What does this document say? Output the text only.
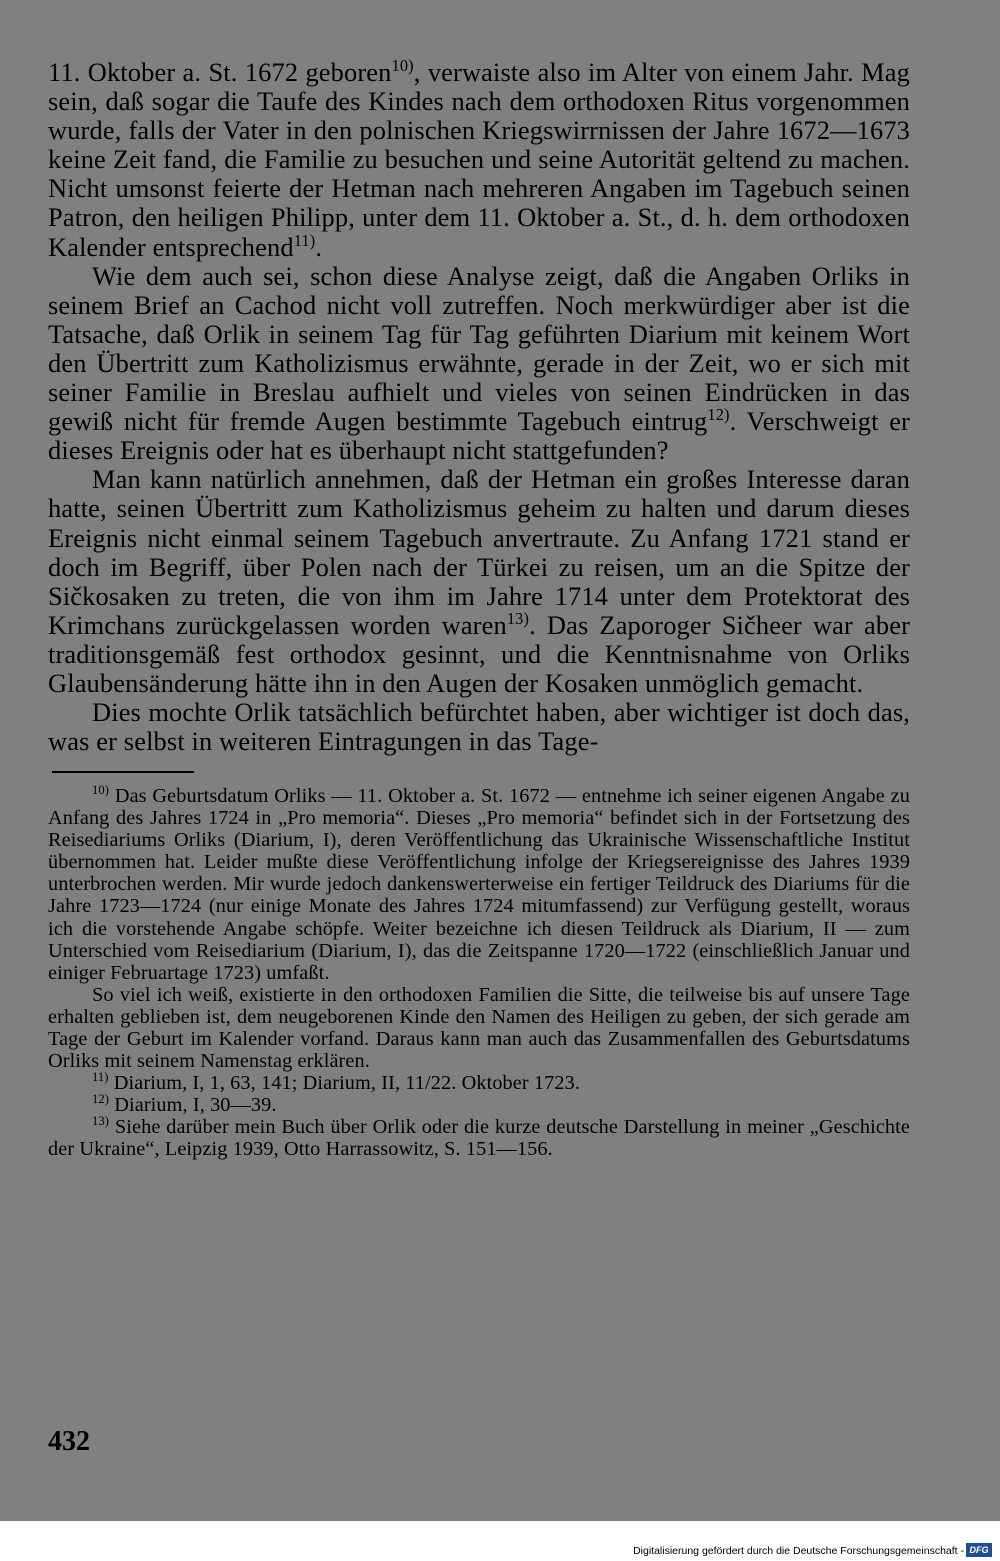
11. Oktober a. St. 1672 geboren$^{10)}$, verwaiste also im Alter von einem Jahr. Mag sein, daß sogar die Taufe des Kindes nach dem orthodoxen Ritus vorgenommen wurde, falls der Vater in den polnischen Kriegswirrnissen der Jahre 1672—1673 keine Zeit fand, die Familie zu besuchen und seine Autorität geltend zu machen. Nicht umsonst feierte der Hetman nach mehreren Angaben im Tagebuch seinen Patron, den heiligen Philipp, unter dem 11. Oktober a. St., d. h. dem orthodoxen Kalender entsprechend$^{11)}$.

Wie dem auch sei, schon diese Analyse zeigt, daß die Angaben Orliks in seinem Brief an Cachod nicht voll zutreffen. Noch merkwürdiger aber ist die Tatsache, daß Orlik in seinem Tag für Tag geführten Diarium mit keinem Wort den Übertritt zum Katholizismus erwähnte, gerade in der Zeit, wo er sich mit seiner Familie in Breslau aufhielt und vieles von seinen Eindrücken in das gewiß nicht für fremde Augen bestimmte Tagebuch eintrug$^{12)}$. Verschweigt er dieses Ereignis oder hat es überhaupt nicht stattgefunden?

Man kann natürlich annehmen, daß der Hetman ein großes Interesse daran hatte, seinen Übertritt zum Katholizismus geheim zu halten und darum dieses Ereignis nicht einmal seinem Tagebuch anvertraute. Zu Anfang 1721 stand er doch im Begriff, über Polen nach der Türkei zu reisen, um an die Spitze der Sičkosaken zu treten, die von ihm im Jahre 1714 unter dem Protektorat des Krimchans zurückgelassen worden waren$^{13)}$. Das Zaporoger Sičheer war aber traditionsgemäß fest orthodox gesinnt, und die Kenntnisnahme von Orliks Glaubensänderung hätte ihn in den Augen der Kosaken unmöglich gemacht.

Dies mochte Orlik tatsächlich befürchtet haben, aber wichtiger ist doch das, was er selbst in weiteren Eintragungen in das Tage-

$^{10)}$ Das Geburtsdatum Orliks — 11. Oktober a. St. 1672 — entnehme ich seiner eigenen Angabe zu Anfang des Jahres 1724 in „Pro memoria“. Dieses „Pro memoria“ befindet sich in der Fortsetzung des Reisediariums Orliks (Diarium, I), deren Veröffentlichung das Ukrainische Wissenschaftliche Institut übernommen hat. Leider mußte diese Veröffentlichung infolge der Kriegsereignisse des Jahres 1939 unterbrochen werden. Mir wurde jedoch dankenswerterweise ein fertiger Teildruck des Diariums für die Jahre 1723—1724 (nur einige Monate des Jahres 1724 mitumfassend) zur Verfügung gestellt, woraus ich die vorstehende Angabe schöpfe. Weiter bezeichne ich diesen Teildruck als Diarium, II — zum Unterschied vom Reisediarium (Diarium, I), das die Zeitspanne 1720—1722 (einschließlich Januar und einiger Februartage 1723) umfaßt.

So viel ich weiß, existierte in den orthodoxen Familien die Sitte, die teilweise bis auf unsere Tage erhalten geblieben ist, dem neugeborenen Kinde den Namen des Heiligen zu geben, der sich gerade am Tage der Geburt im Kalender vorfand. Daraus kann man auch das Zusammenfallen des Geburtsdatums Orliks mit seinem Namenstag erklären.

$^{11)}$ Diarium, I, 1, 63, 141; Diarium, II, 11/22. Oktober 1723.

$^{12)}$ Diarium, I, 30—39.

$^{13)}$ Siehe darüber mein Buch über Orlik oder die kurze deutsche Darstellung in meiner „Geschichte der Ukraine“, Leipzig 1939, Otto Harrassowitz, S. 151—156.

432
Digitalisierung gefördert durch die Deutsche Forschungsgemeinschaft - DFG
